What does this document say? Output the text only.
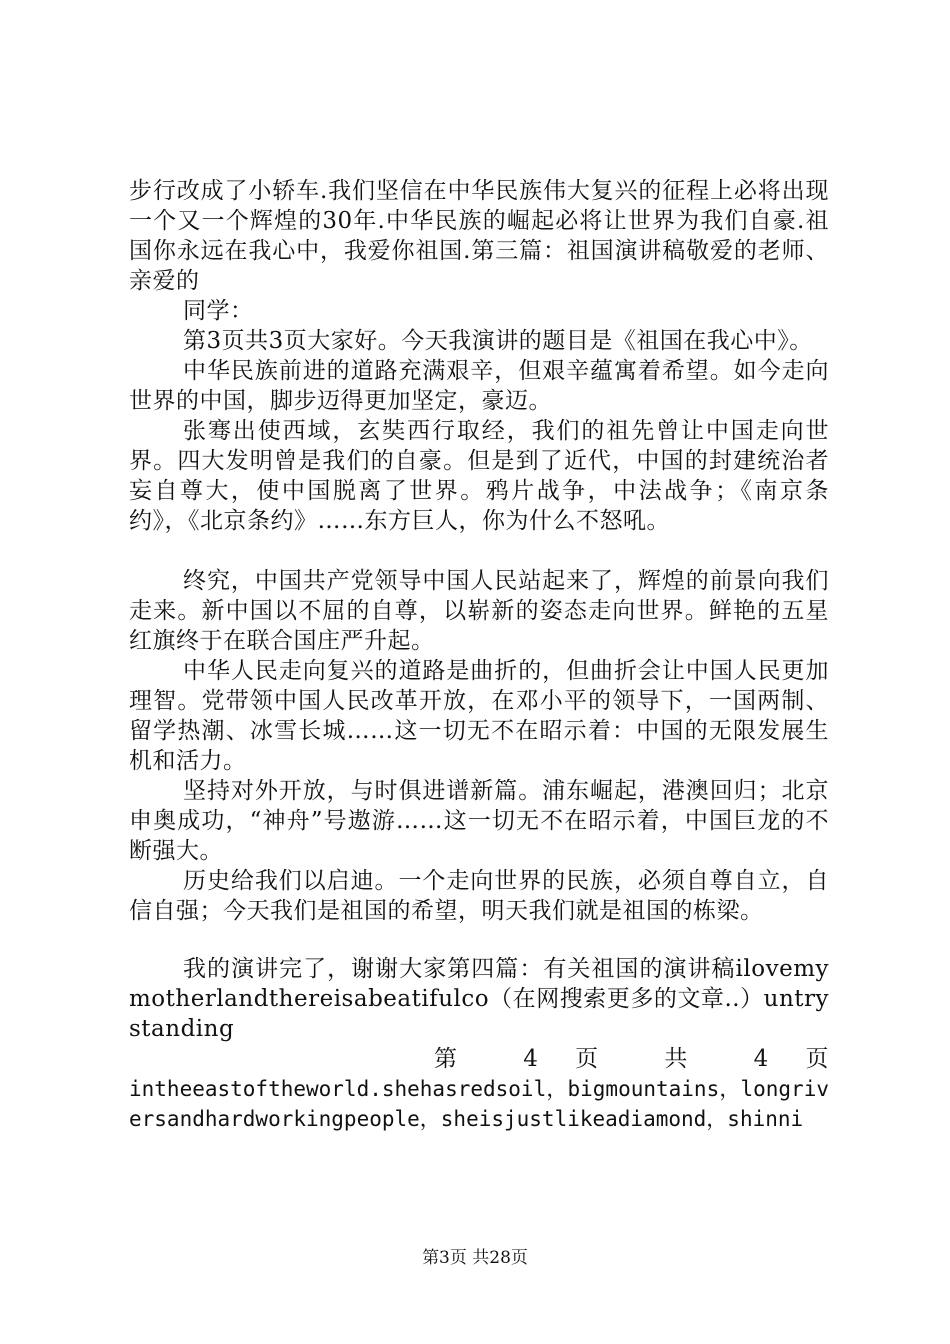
步行改成了小轿车.我们坚信在中华民族伟大复兴的征程上必将出现一个又一个辉煌的30年.中华民族的崛起必将让世界为我们自豪.祖国你永远在我心中，我爱你祖国.第三篇：祖国演讲稿敬爱的老师、亲爱的

同学：

第3页共3页大家好。今天我演讲的题目是《祖国在我心中》。

中华民族前进的道路充满艰辛，但艰辛蕴寓着希望。如今走向世界的中国，脚步迈得更加坚定，豪迈。

张骞出使西域，玄奘西行取经，我们的祖先曾让中国走向世界。四大发明曾是我们的自豪。但是到了近代，中国的封建统治者妄自尊大，使中国脱离了世界。鸦片战争，中法战争；《南京条约》，《北京条约》……东方巨人，你为什么不怒吼。

终究，中国共产党领导中国人民站起来了，辉煌的前景向我们走来。新中国以不屈的自尊，以崭新的姿态走向世界。鲜艳的五星红旗终于在联合国庄严升起。

中华人民走向复兴的道路是曲折的，但曲折会让中国人民更加理智。党带领中国人民改革开放，在邓小平的领导下，一国两制、留学热潮、冰雪长城……这一切无不在昭示着：中国的无限发展生机和活力。

坚持对外开放，与时俱进谱新篇。浦东崛起，港澳回归；北京申奥成功，“神舟”号遨游……这一切无不在昭示着，中国巨龙的不断强大。

历史给我们以启迪。一个走向世界的民族，必须自尊自立，自信自强；今天我们是祖国的希望，明天我们就是祖国的栋梁。

我的演讲完了，谢谢大家第四篇：有关祖国的演讲稿ilovemymotherlandthereisabeatifulco（在网搜索更多的文章..）untrystanding

第 4 页 共 4 页

intheeastoftheworld.shehasredsoil，bigmountains，longriversandhardworkingpeople，sheisjustlikeadiamond，shinni

第3页 共28页
